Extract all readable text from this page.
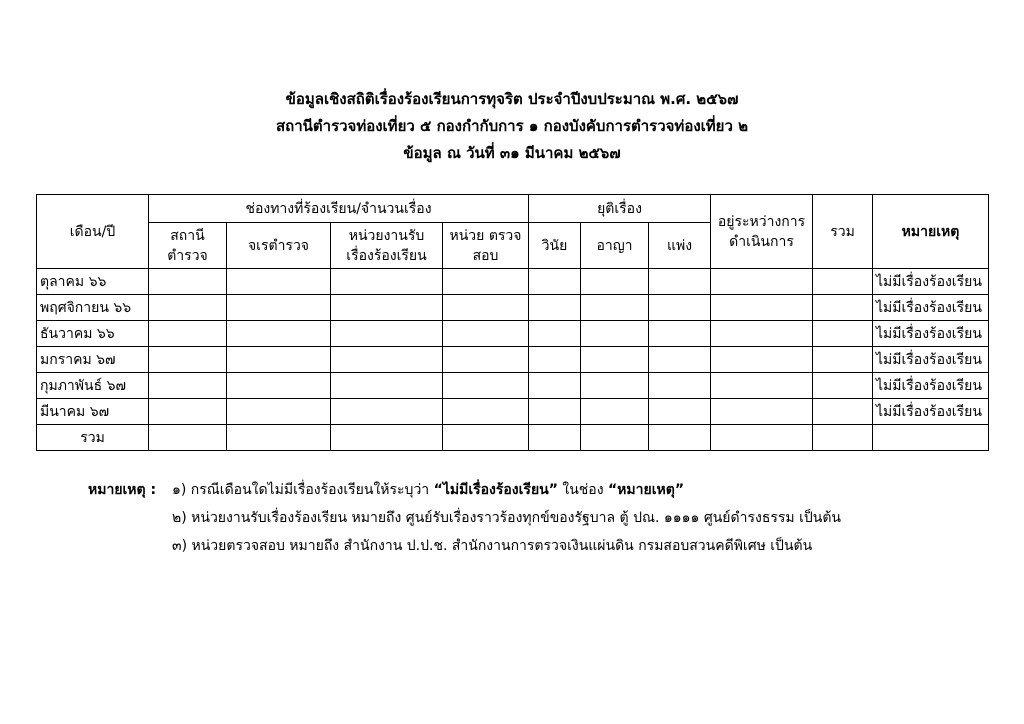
ข้อมูลเชิงสถิติเรื่องร้องเรียนการทุจริต ประจำปีงบประมาณ พ.ศ. ๒๕๖๗
สถานีตำรวจท่องเที่ยว ๕ กองกำกับการ ๑ กองบังคับการตำรวจท่องเที่ยว ๒
ข้อมูล ณ วันที่ ๓๑ มีนาคม ๒๕๖๗
เดือน/ปี	ช่องทางที่ร้องเรียน/จำนวนเรื่อง				ยุติเรื่อง			อยู่ระหว่างการ ดำเนินการ	รวม	หมายเหตุ
	สถานี ตำรวจ	จเรตำรวจ	หน่วยงานรับ เรื่องร้องเรียน	หน่วย ตรวจสอบ	วินัย	อาญา	แพ่ง			
ตุลาคม ๖๖										ไม่มีเรื่องร้องเรียน
พฤศจิกายน ๖๖										ไม่มีเรื่องร้องเรียน
ธันวาคม ๖๖										ไม่มีเรื่องร้องเรียน
มกราคม ๖๗										ไม่มีเรื่องร้องเรียน
กุมภาพันธ์ ๖๗										ไม่มีเรื่องร้องเรียน
มีนาคม ๖๗										ไม่มีเรื่องร้องเรียน
รวม										
หมายเหตุ : ๑) กรณีเดือนใดไม่มีเรื่องร้องเรียนให้ระบุว่า “ไม่มีเรื่องร้องเรียน” ในช่อง “หมายเหตุ”
๒) หน่วยงานรับเรื่องร้องเรียน หมายถึง ศูนย์รับเรื่องราวร้องทุกข์ของรัฐบาล ตู้ ปณ. ๑๑๑๑ ศูนย์ดำรงธรรม เป็นต้น
๓) หน่วยตรวจสอบ หมายถึง สำนักงาน ป.ป.ช. สำนักงานการตรวจเงินแผ่นดิน กรมสอบสวนคดีพิเศษ เป็นต้น
